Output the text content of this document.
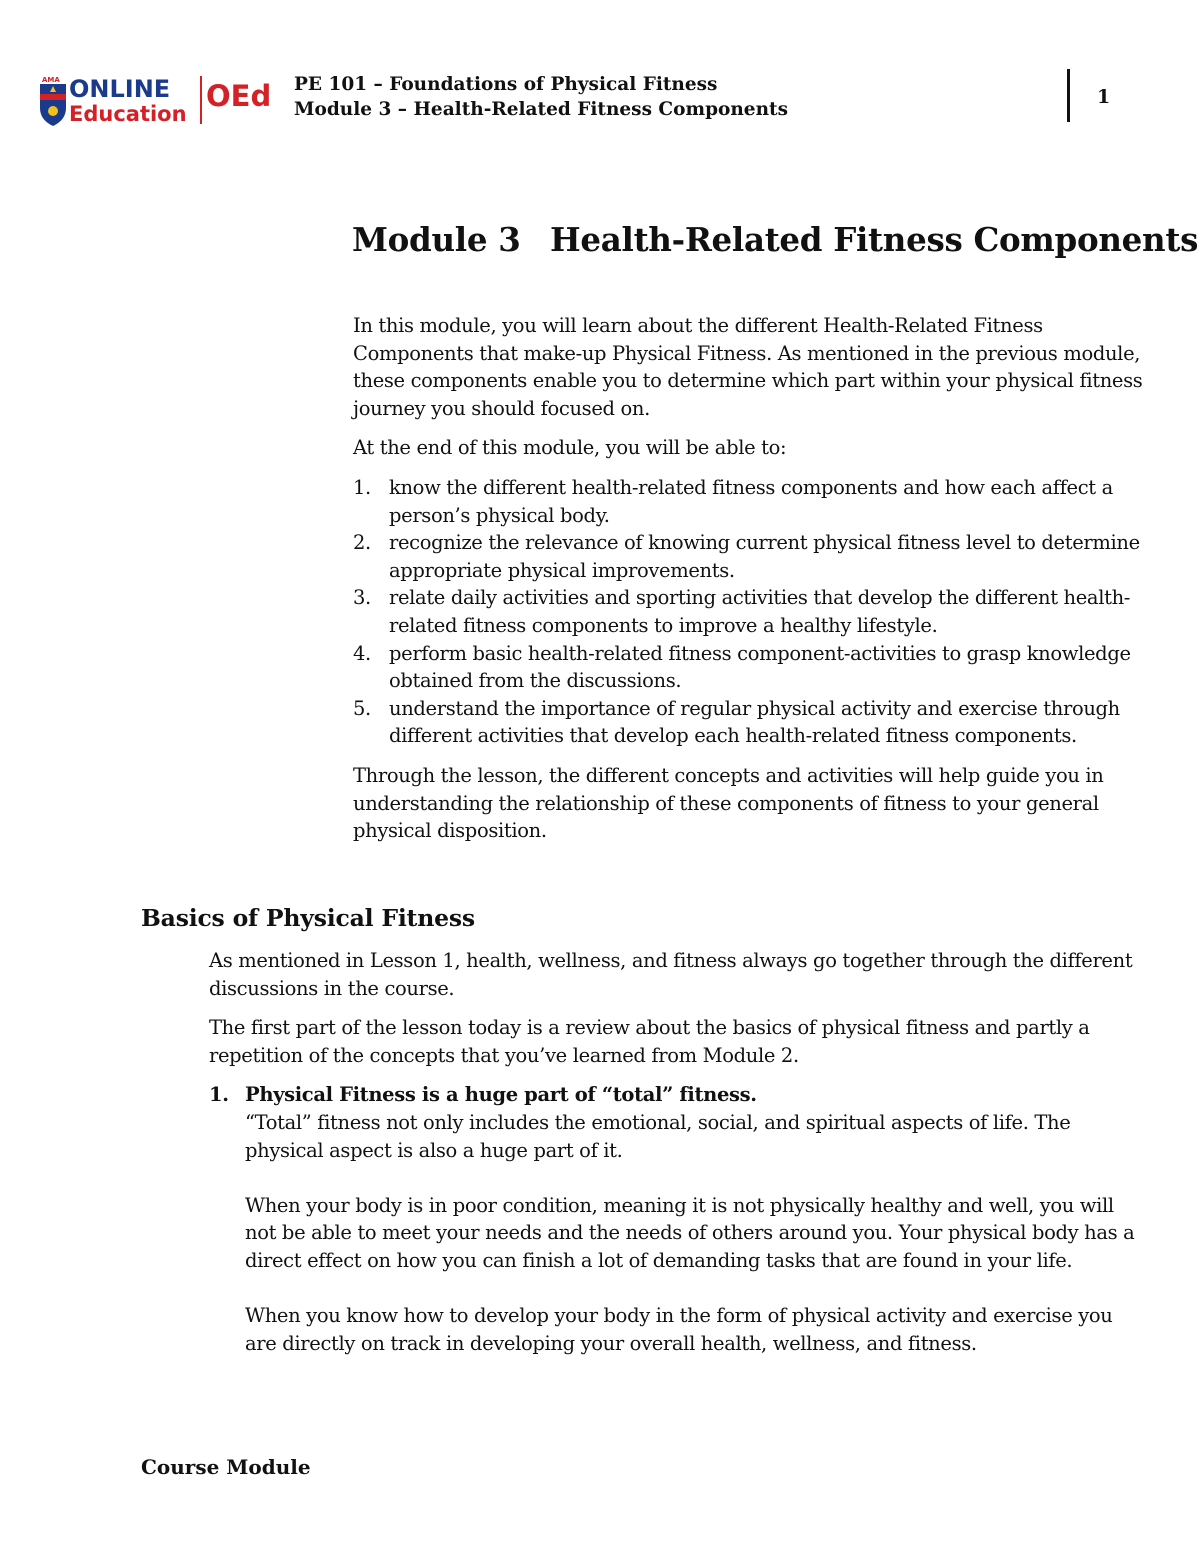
AMA ONLINE
Education
OEd PE 101 – Foundations of Physical Fitness
Module 3 – Health-Related Fitness Components
1
Module 3 Health-Related Fitness Components

In this module, you will learn about the different Health-Related Fitness Components that make-up Physical Fitness. As mentioned in the previous module, these components enable you to determine which part within your physical fitness journey you should focused on.

At the end of this module, you will be able to:

1. know the different health-related fitness components and how each affect a person’s physical body.
2. recognize the relevance of knowing current physical fitness level to determine appropriate physical improvements.
3. relate daily activities and sporting activities that develop the different health-related fitness components to improve a healthy lifestyle.
4. perform basic health-related fitness component-activities to grasp knowledge obtained from the discussions.
5. understand the importance of regular physical activity and exercise through different activities that develop each health-related fitness components.

Through the lesson, the different concepts and activities will help guide you in understanding the relationship of these components of fitness to your general physical disposition.

Basics of Physical Fitness

As mentioned in Lesson 1, health, wellness, and fitness always go together through the different discussions in the course.

The first part of the lesson today is a review about the basics of physical fitness and partly a repetition of the concepts that you’ve learned from Module 2.

1. Physical Fitness is a huge part of “total” fitness.

“Total” fitness not only includes the emotional, social, and spiritual aspects of life. The physical aspect is also a huge part of it.

When your body is in poor condition, meaning it is not physically healthy and well, you will not be able to meet your needs and the needs of others around you. Your physical body has a direct effect on how you can finish a lot of demanding tasks that are found in your life.

When you know how to develop your body in the form of physical activity and exercise you are directly on track in developing your overall health, wellness, and fitness.

Course Module
